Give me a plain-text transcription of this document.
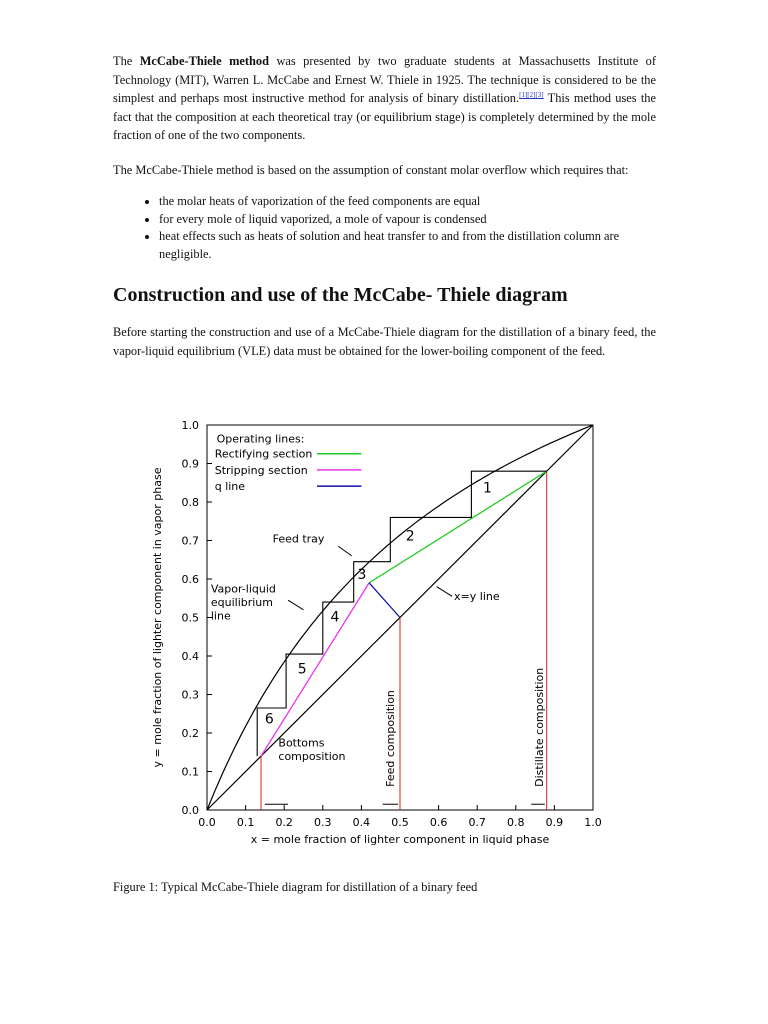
The McCabe-Thiele method was presented by two graduate students at Massachusetts Institute of Technology (MIT), Warren L. McCabe and Ernest W. Thiele in 1925. The technique is considered to be the simplest and perhaps most instructive method for analysis of binary distillation.[1][2][3] This method uses the fact that the composition at each theoretical tray (or equilibrium stage) is completely determined by the mole fraction of one of the two components.

The McCabe-Thiele method is based on the assumption of constant molar overflow which requires that:

• the molar heats of vaporization of the feed components are equal
• for every mole of liquid vaporized, a mole of vapour is condensed
• heat effects such as heats of solution and heat transfer to and from the distillation column are negligible.
Construction and use of the McCabe- Thiele diagram

Before starting the construction and use of a McCabe-Thiele diagram for the distillation of a binary feed, the vapor-liquid equilibrium (VLE) data must be obtained for the lower-boiling component of the feed.

0.0 0.1 0.2 0.3 0.4 0.5 0.6 0.7 0.8 0.9 1.0
0.0
0.1
0.2
0.3
0.4
0.5
0.6
0.7
0.8
0.9
1.0
x = mole fraction of lighter component in liquid phase
y = mole fraction of lighter component in vapor phase	1
2
3
4
5
6
Operating lines:
Rectifying section
Stripping section
q line
Feed tray
Vapor-liquid
equilibrium
line
x=y line
Bottoms
composition	Feed composition	Distillate composition
Figure 1: Typical McCabe-Thiele diagram for distillation of a binary feed
